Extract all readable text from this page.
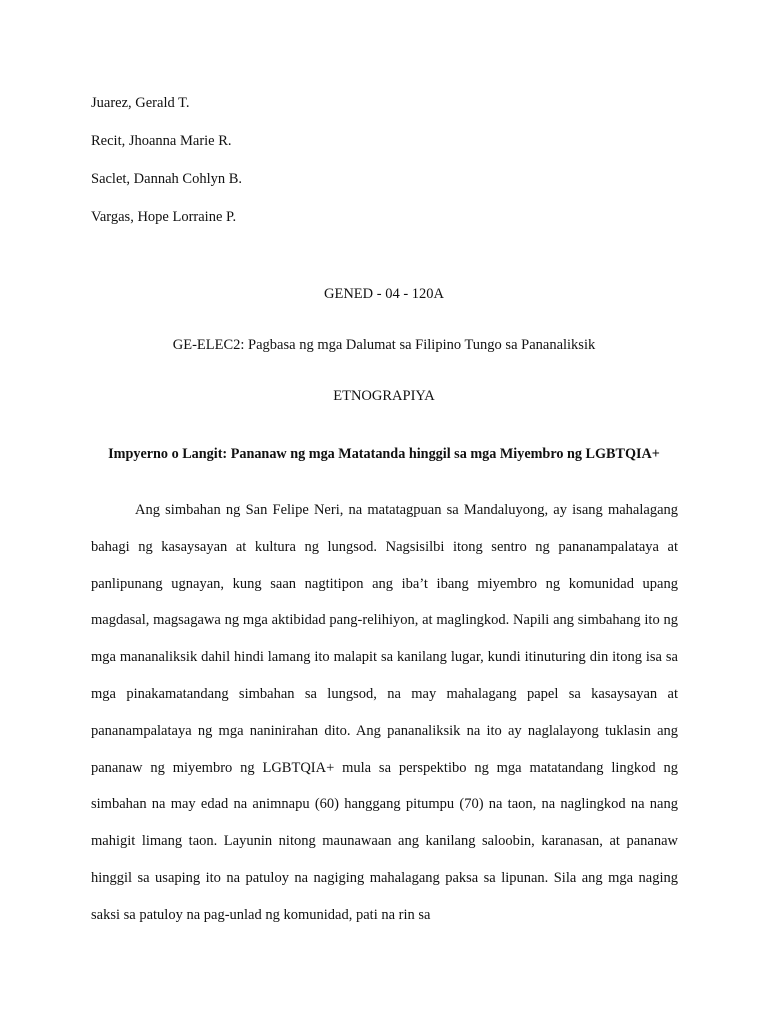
Juarez, Gerald T.
Recit, Jhoanna Marie R.
Saclet, Dannah Cohlyn B.
Vargas, Hope Lorraine P.
GENED - 04 - 120A
GE-ELEC2: Pagbasa ng mga Dalumat sa Filipino Tungo sa Pananaliksik
ETNOGRAPIYA
Impyerno o Langit: Pananaw ng mga Matatanda hinggil sa mga Miyembro ng LGBTQIA+

Ang simbahan ng San Felipe Neri, na matatagpuan sa Mandaluyong, ay isang mahalagang bahagi ng kasaysayan at kultura ng lungsod. Nagsisilbi itong sentro ng pananampalataya at panlipunang ugnayan, kung saan nagtitipon ang iba’t ibang miyembro ng komunidad upang magdasal, magsagawa ng mga aktibidad pang-relihiyon, at maglingkod. Napili ang simbahang ito ng mga mananaliksik dahil hindi lamang ito malapit sa kanilang lugar, kundi itinuturing din itong isa sa mga pinakamatandang simbahan sa lungsod, na may mahalagang papel sa kasaysayan at pananampalataya ng mga naninirahan dito. Ang pananaliksik na ito ay naglalayong tuklasin ang pananaw ng miyembro ng LGBTQIA+ mula sa perspektibo ng mga matatandang lingkod ng simbahan na may edad na animnapu (60) hanggang pitumpu (70) na taon, na naglingkod na nang mahigit limang taon. Layunin nitong maunawaan ang kanilang saloobin, karanasan, at pananaw hinggil sa usaping ito na patuloy na nagiging mahalagang paksa sa lipunan. Sila ang mga naging saksi sa patuloy na pag-unlad ng komunidad, pati na rin sa
